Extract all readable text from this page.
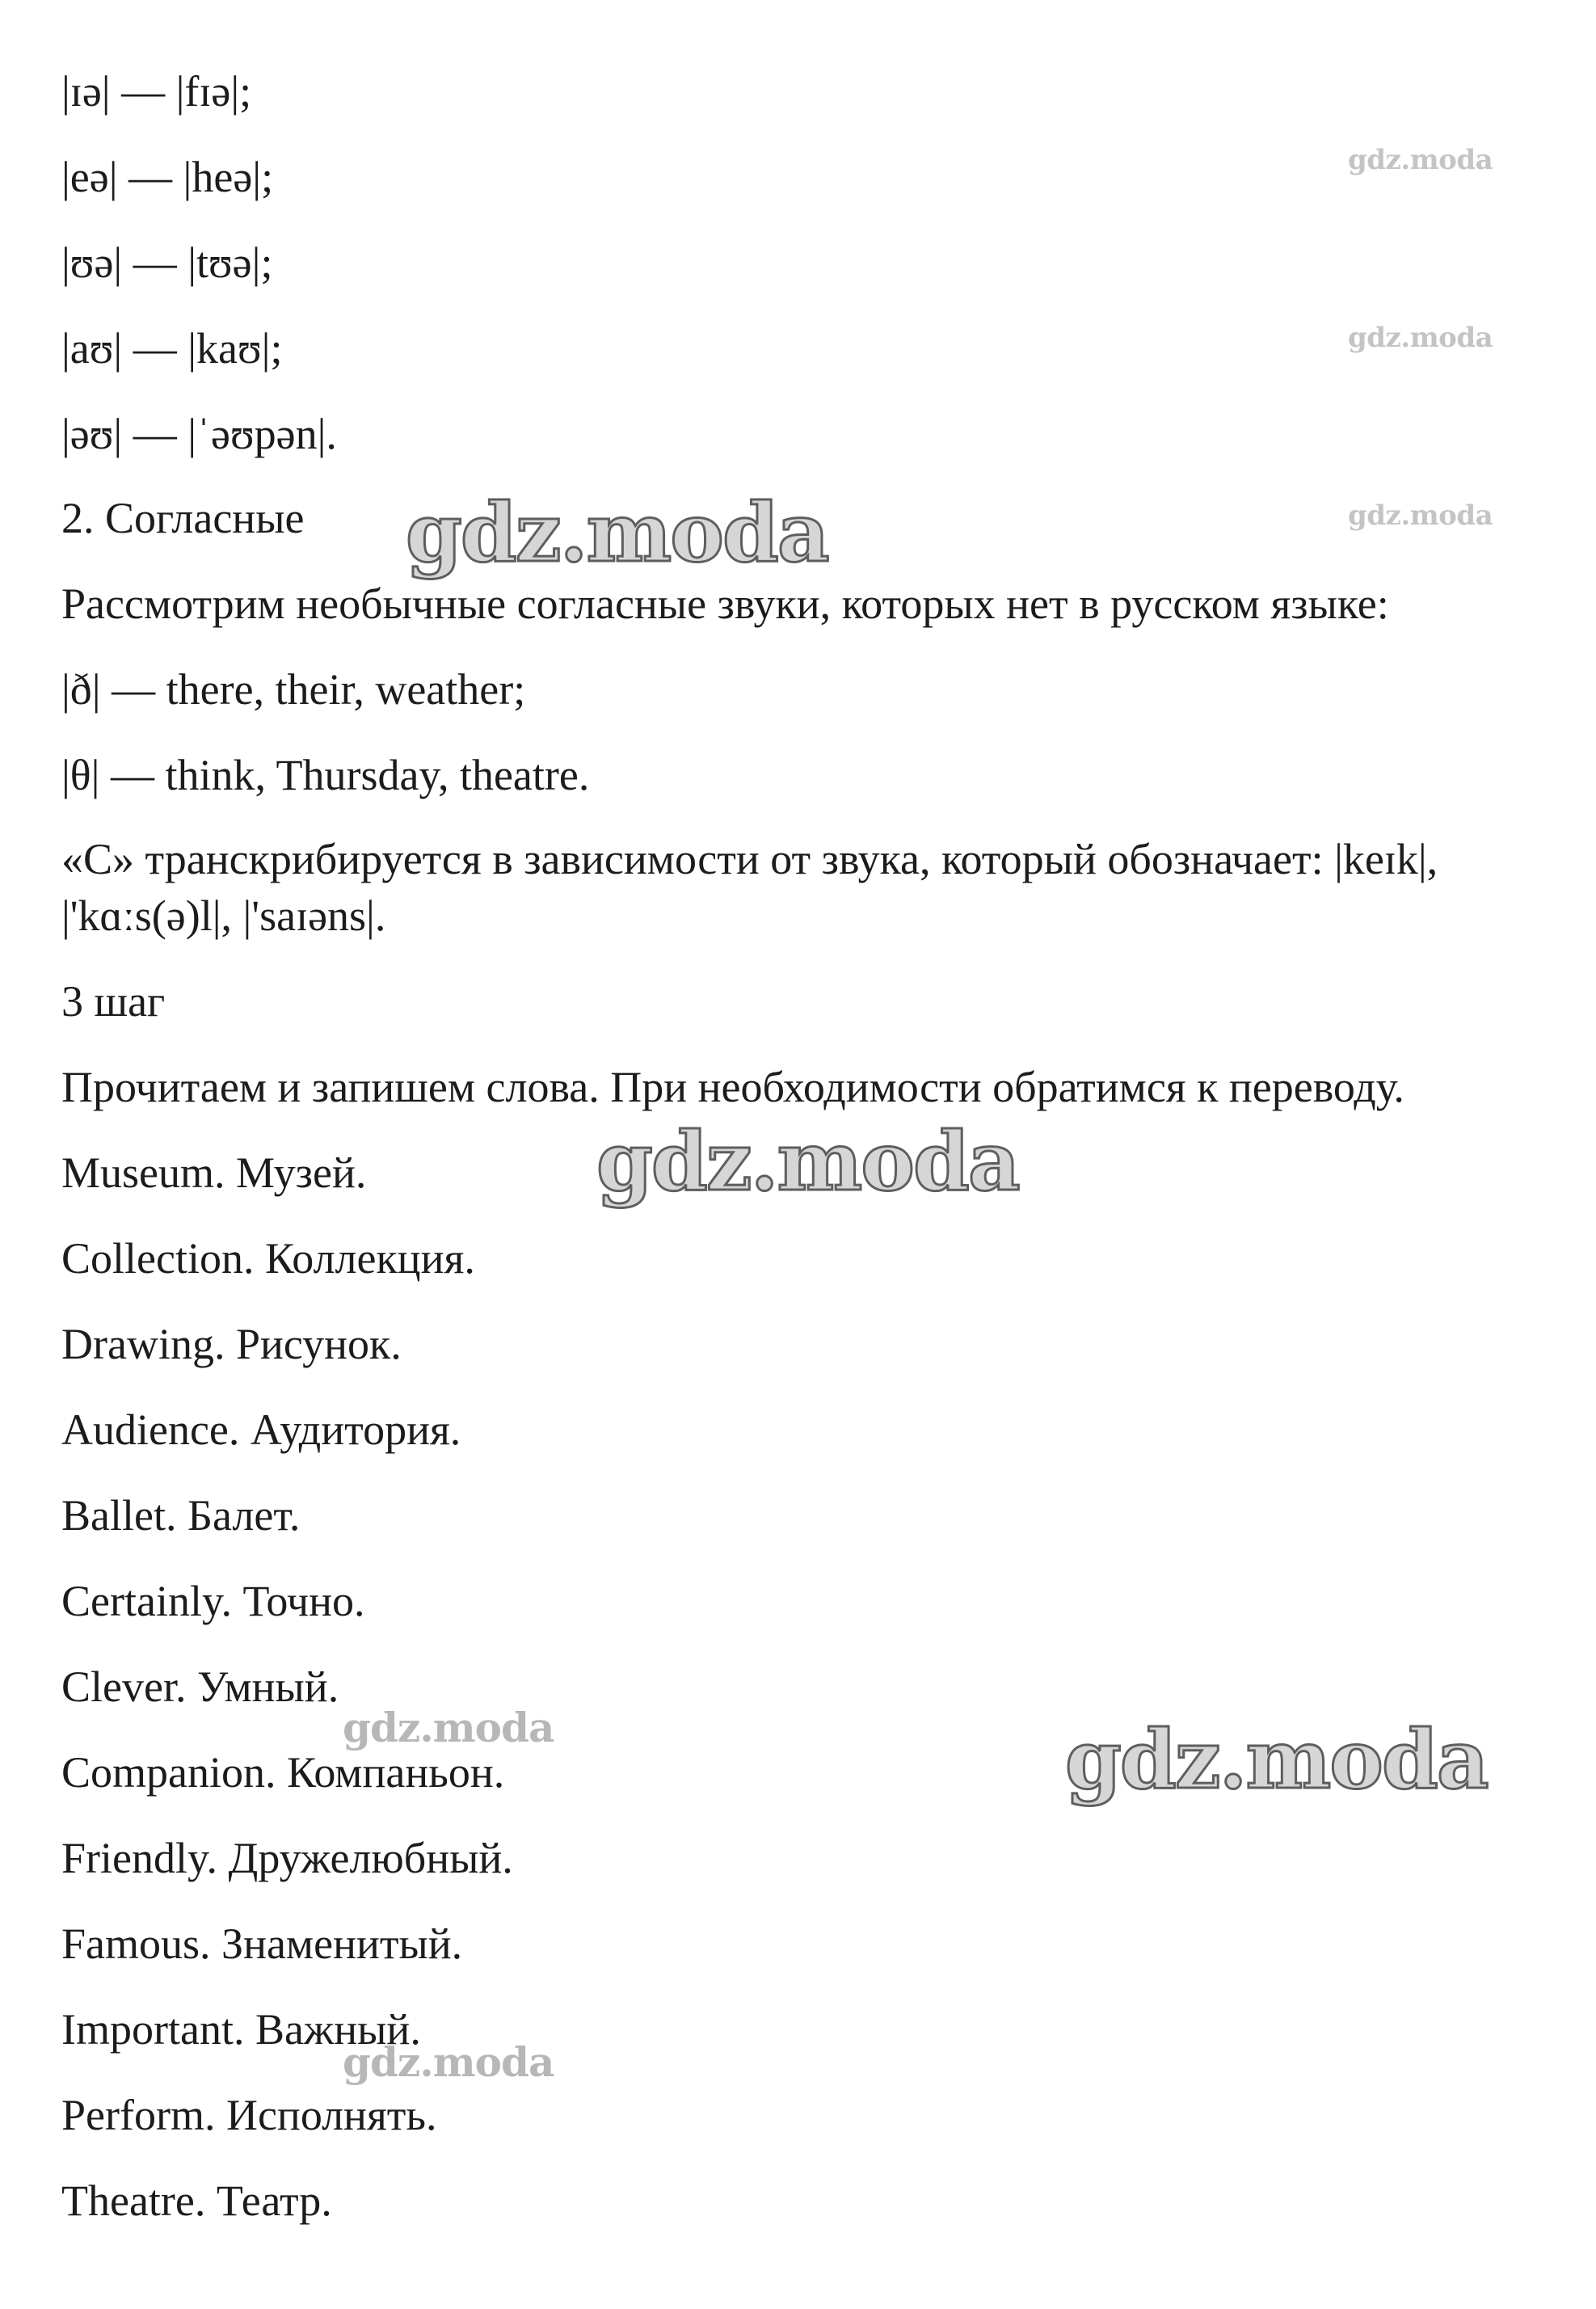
|ɪə| — |fɪə|;
|eə| — |heə|;
|ʊə| — |tʊə|;
|aʊ| — |kaʊ|;
|əʊ| — |ˈəʊpən|.
2. Согласные
Рассмотрим необычные согласные звуки, которых нет в русском языке:
|ð| — there, their, weather;
|θ| — think, Thursday, theatre.
«С» транскрибируется в зависимости от звука, который обозначает: |keɪk|,
|'kɑːs(ə)l|, |'saɪəns|.
3 шаг
Прочитаем и запишем слова. При необходимости обратимся к переводу.
Museum. Музей.
Collection. Коллекция.
Drawing. Рисунок.
Audience. Аудитория.
Ballet. Балет.
Certainly. Точно.
Clever. Умный.
Companion. Компаньон.
Friendly. Дружелюбный.
Famous. Знаменитый.
Important. Важный.
Perform. Исполнять.
Theatre. Театр.
gdz.moda
gdz.moda
gdz.moda
gdz.moda
gdz.moda
gdz.moda
gdz.moda
gdz.moda
